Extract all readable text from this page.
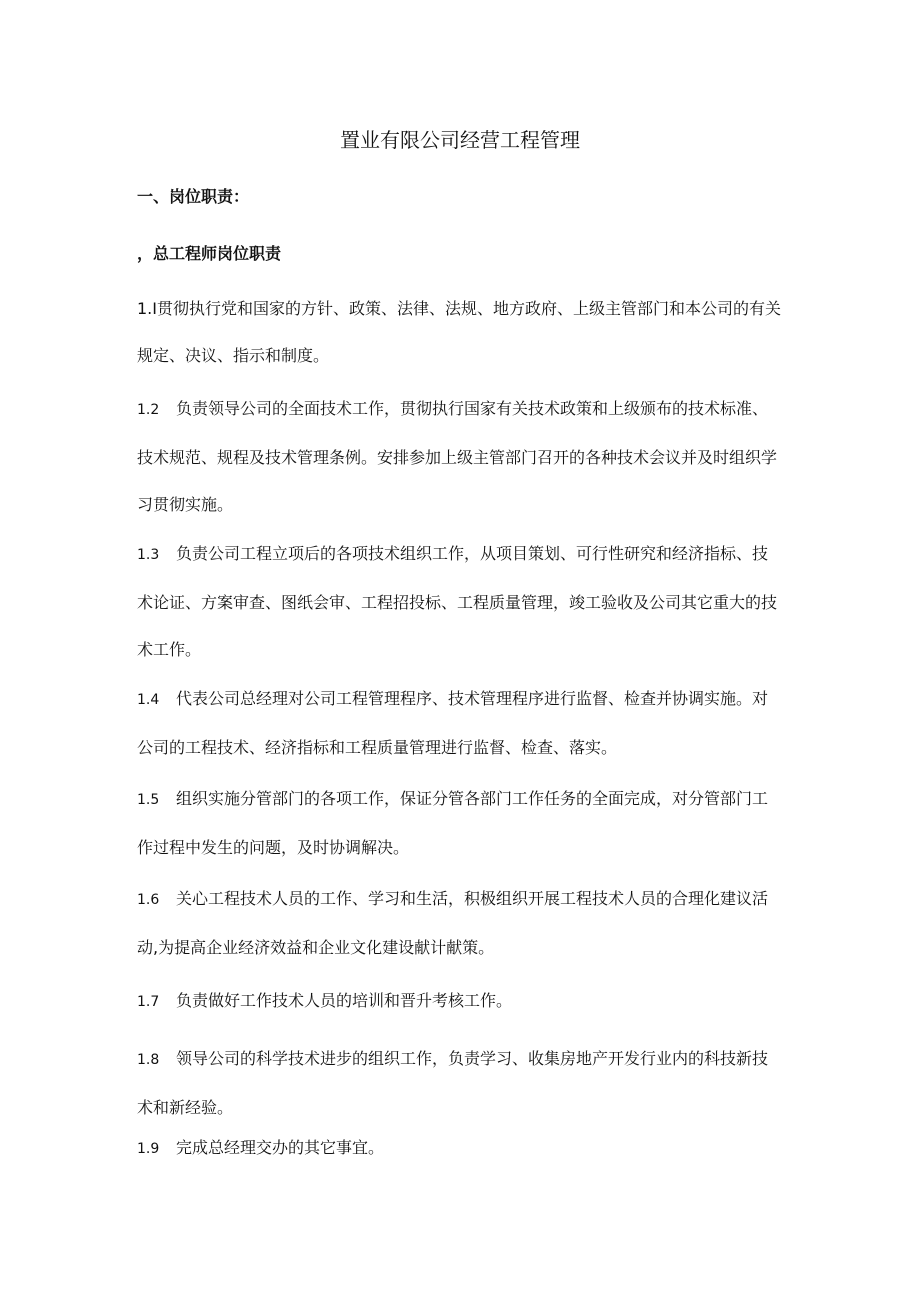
置业有限公司经营工程管理

一、岗位职责：

，总工程师岗位职责

1.I贯彻执行党和国家的方针、政策、法律、法规、地方政府、上级主管部门和本公司的有关规定、决议、指示和制度。

1.2 负责领导公司的全面技术工作，贯彻执行国家有关技术政策和上级颁布的技术标准、技术规范、规程及技术管理条例。安排参加上级主管部门召开的各种技术会议并及时组织学习贯彻实施。

1.3 负责公司工程立项后的各项技术组织工作，从项目策划、可行性研究和经济指标、技术论证、方案审查、图纸会审、工程招投标、工程质量管理，竣工验收及公司其它重大的技术工作。

1.4 代表公司总经理对公司工程管理程序、技术管理程序进行监督、检查并协调实施。对公司的工程技术、经济指标和工程质量管理进行监督、检查、落实。

1.5 组织实施分管部门的各项工作，保证分管各部门工作任务的全面完成，对分管部门工作过程中发生的问题，及时协调解决。

1.6 关心工程技术人员的工作、学习和生活，积极组织开展工程技术人员的合理化建议活动,为提高企业经济效益和企业文化建设献计献策。

1.7 负责做好工作技术人员的培训和晋升考核工作。

1.8 领导公司的科学技术进步的组织工作，负责学习、收集房地产开发行业内的科技新技术和新经验。

1.9 完成总经理交办的其它事宜。
